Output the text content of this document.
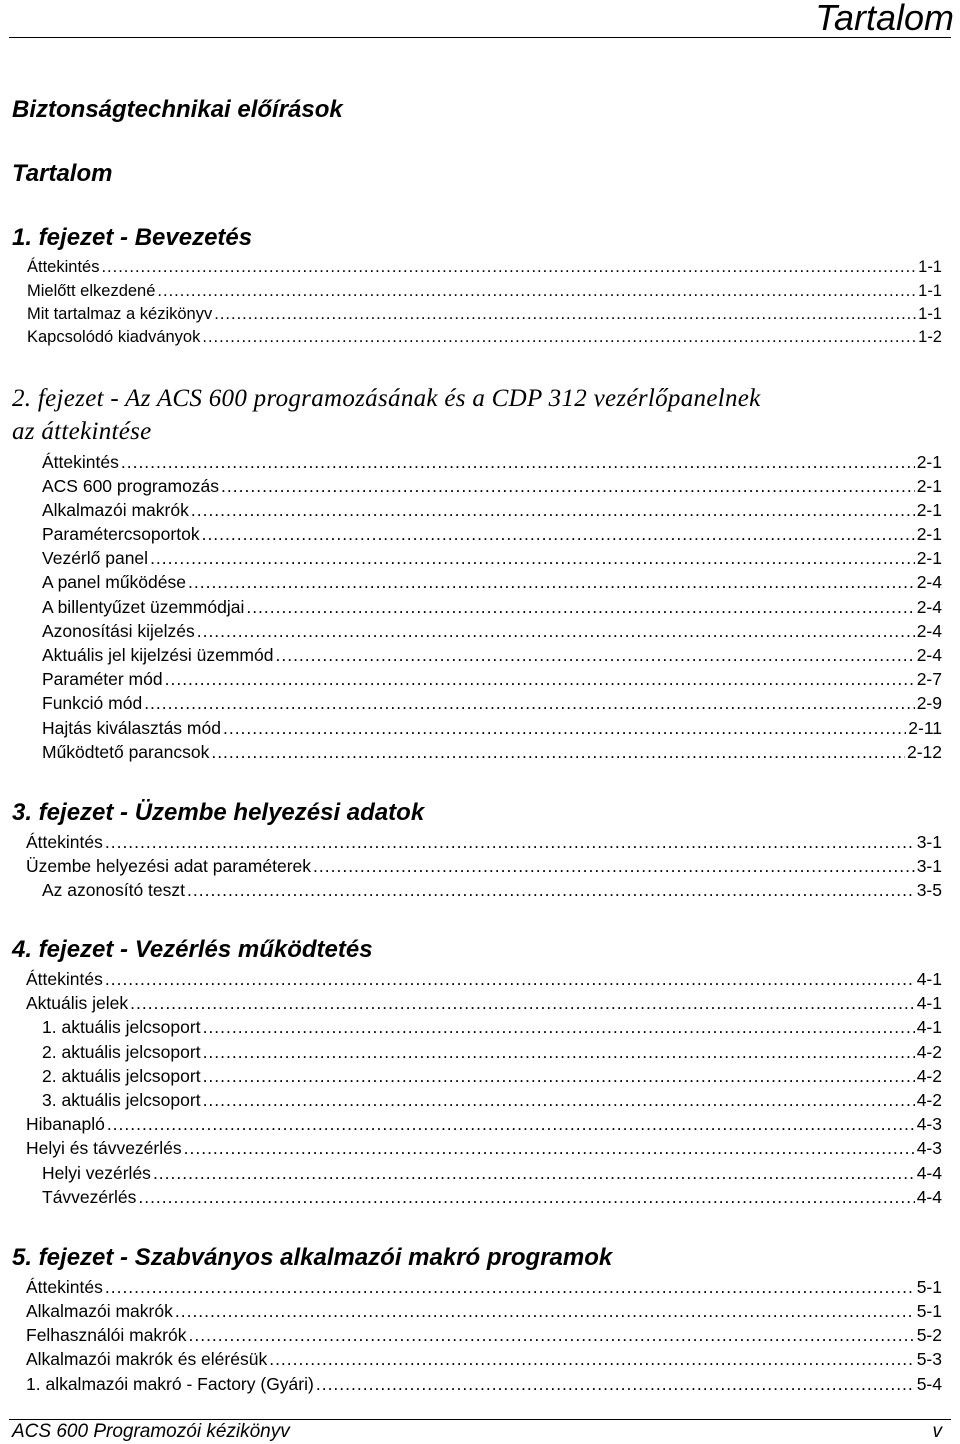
Tartalom
Biztonságtechnikai előírások
Tartalom
1. fejezet - Bevezetés
Áttekintés .....	1-1
Mielőtt elkezdené .....	1-1
Mit tartalmaz a kézikönyv .....	1-1
Kapcsolódó kiadványok .....	1-2
2. fejezet - Az ACS 600 programozásának és a CDP 312 vezérlőpanelnek
az áttekintése
Áttekintés .....	2-1
ACS 600 programozás .....	2-1
Alkalmazói makrók .....	2-1
Paramétercsoportok .....	2-1
Vezérlő panel .....	2-1
A panel működése .....	2-4
A billentyűzet üzemmódjai .....	2-4
Azonosítási kijelzés .....	2-4
Aktuális jel kijelzési üzemmód .....	2-4
Paraméter mód .....	2-7
Funkció mód .....	2-9
Hajtás kiválasztás mód .....	2-11
Működtető parancsok .....	2-12
3. fejezet - Üzembe helyezési adatok
Áttekintés .....	3-1
Üzembe helyezési adat paraméterek .....	3-1
Az azonosító teszt .....	3-5
4. fejezet - Vezérlés működtetés
Áttekintés .....	4-1
Aktuális jelek .....	4-1
1. aktuális jelcsoport .....	4-1
2. aktuális jelcsoport .....	4-2
2. aktuális jelcsoport .....	4-2
3. aktuális jelcsoport .....	4-2
Hibanapló .....	4-3
Helyi és távvezérlés .....	4-3
Helyi vezérlés .....	4-4
Távvezérlés .....	4-4
5. fejezet - Szabványos alkalmazói makró programok
Áttekintés .....	5-1
Alkalmazói makrók .....	5-1
Felhasználói makrók .....	5-2
Alkalmazói makrók és elérésük .....	5-3
1. alkalmazói makró - Factory (Gyári) .....	5-4
ACS 600 Programozói kézikönyv	v
